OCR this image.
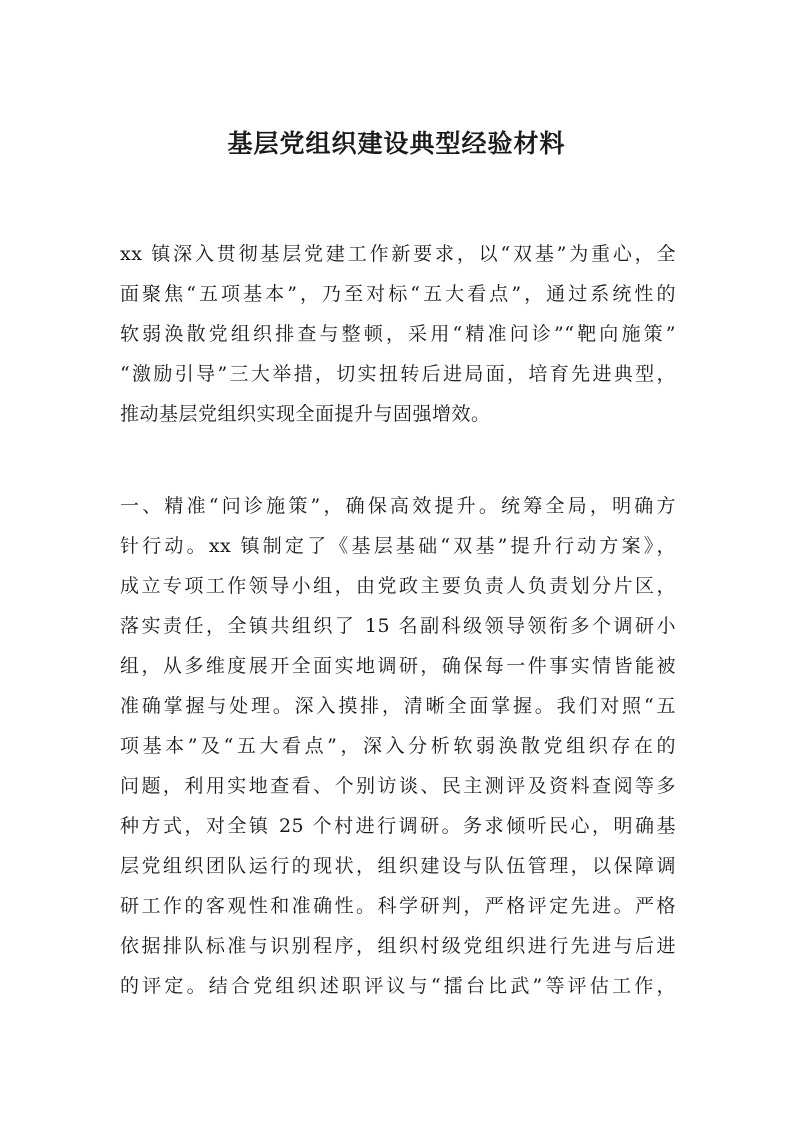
基层党组织建设典型经验材料
xx 镇深入贯彻基层党建工作新要求，以“双基”为重心，全
面聚焦“五项基本”，乃至对标“五大看点”，通过系统性的
软弱涣散党组织排查与整顿，采用“精准问诊”“靶向施策”
“激励引导”三大举措，切实扭转后进局面，培育先进典型，
推动基层党组织实现全面提升与固强增效。
一、精准“问诊施策”，确保高效提升。统筹全局，明确方
针行动。xx 镇制定了《基层基础“双基”提升行动方案》，
成立专项工作领导小组，由党政主要负责人负责划分片区，
落实责任，全镇共组织了 15 名副科级领导领衔多个调研小
组，从多维度展开全面实地调研，确保每一件事实情皆能被
准确掌握与处理。深入摸排，清晰全面掌握。我们对照“五
项基本”及“五大看点”，深入分析软弱涣散党组织存在的
问题，利用实地查看、个别访谈、民主测评及资料查阅等多
种方式，对全镇 25 个村进行调研。务求倾听民心，明确基
层党组织团队运行的现状，组织建设与队伍管理，以保障调
研工作的客观性和准确性。科学研判，严格评定先进。严格
依据排队标准与识别程序，组织村级党组织进行先进与后进
的评定。结合党组织述职评议与“擂台比武”等评估工作，
